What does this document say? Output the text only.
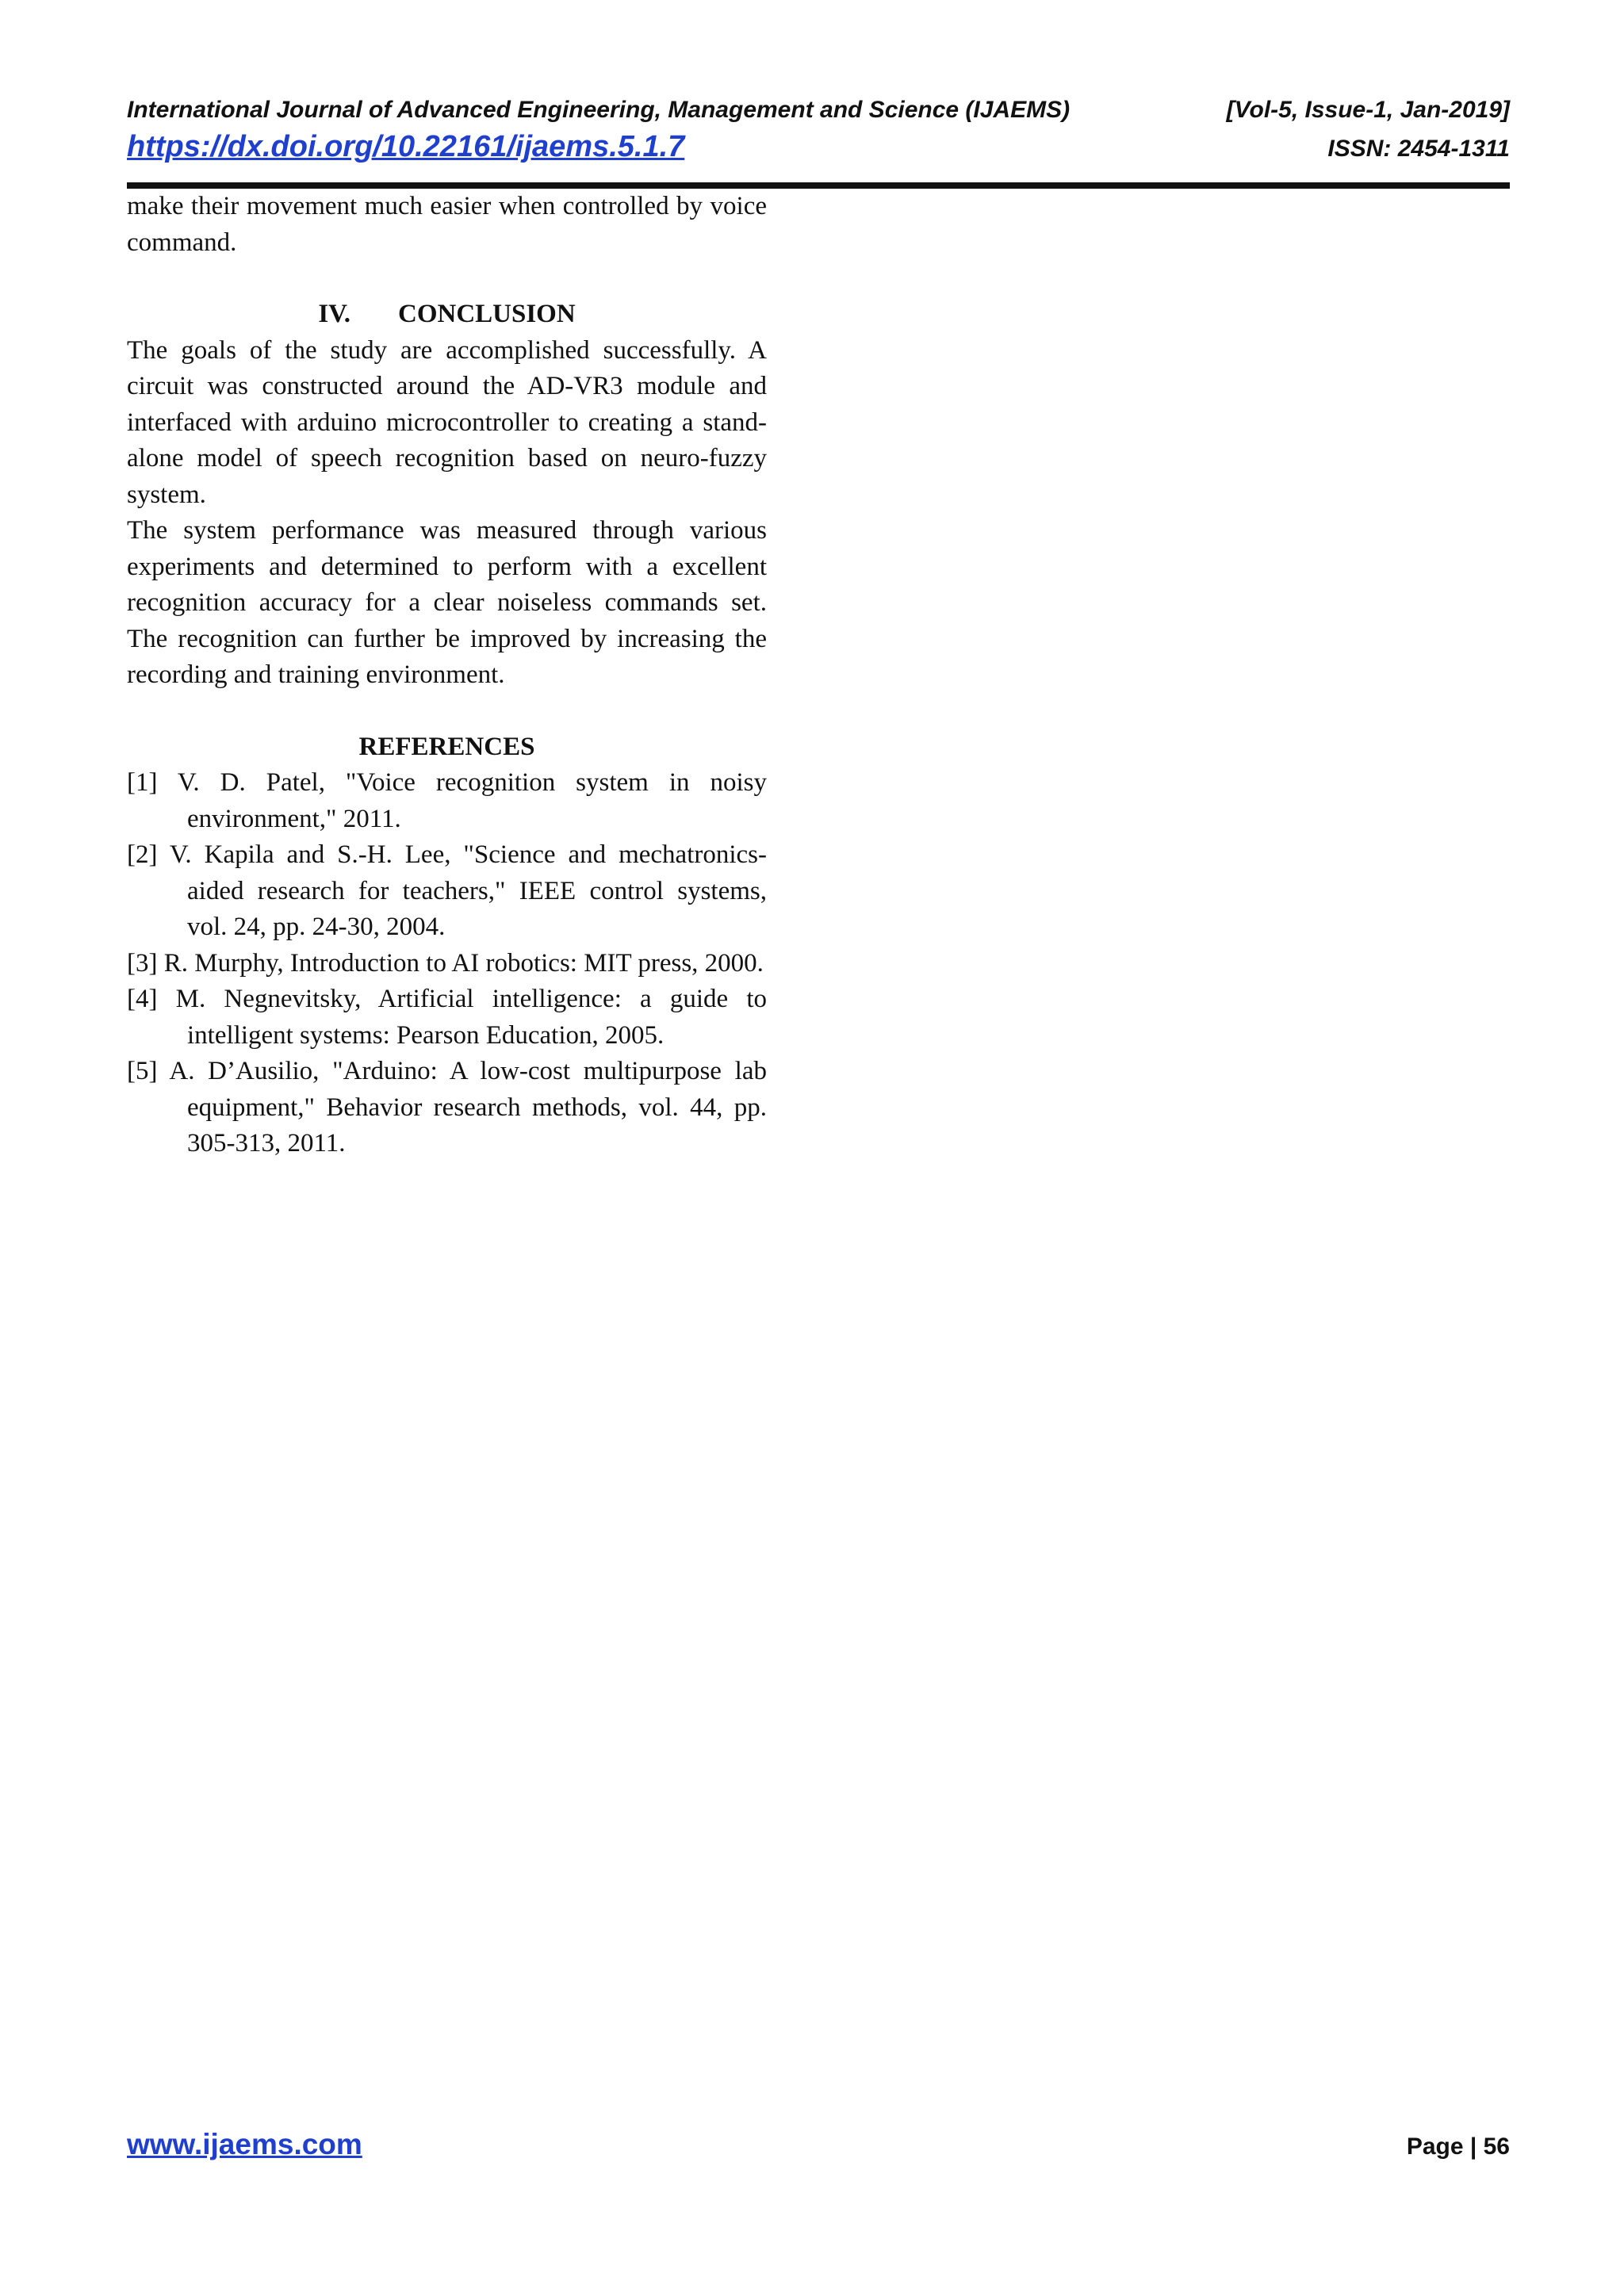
International Journal of Advanced Engineering, Management and Science (IJAEMS)	[Vol-5, Issue-1, Jan-2019]
https://dx.doi.org/10.22161/ijaems.5.1.7	ISSN: 2454-1311

make their movement much easier when controlled by voice command.

IV. CONCLUSION

The goals of the study are accomplished successfully. A circuit was constructed around the AD-VR3 module and interfaced with arduino microcontroller to creating a stand-alone model of speech recognition based on neuro-fuzzy system.

The system performance was measured through various experiments and determined to perform with a excellent recognition accuracy for a clear noiseless commands set. The recognition can further be improved by increasing the recording and training environment.

REFERENCES
[1] V. D. Patel, "Voice recognition system in noisy environment," 2011.
[2] V. Kapila and S.-H. Lee, "Science and mechatronics-aided research for teachers," IEEE control systems, vol. 24, pp. 24-30, 2004.
[3] R. Murphy, Introduction to AI robotics: MIT press, 2000.
[4] M. Negnevitsky, Artificial intelligence: a guide to intelligent systems: Pearson Education, 2005.
[5] A. D’Ausilio, "Arduino: A low-cost multipurpose lab equipment," Behavior research methods, vol. 44, pp. 305-313, 2011.
www.ijaems.com	Page | 56
